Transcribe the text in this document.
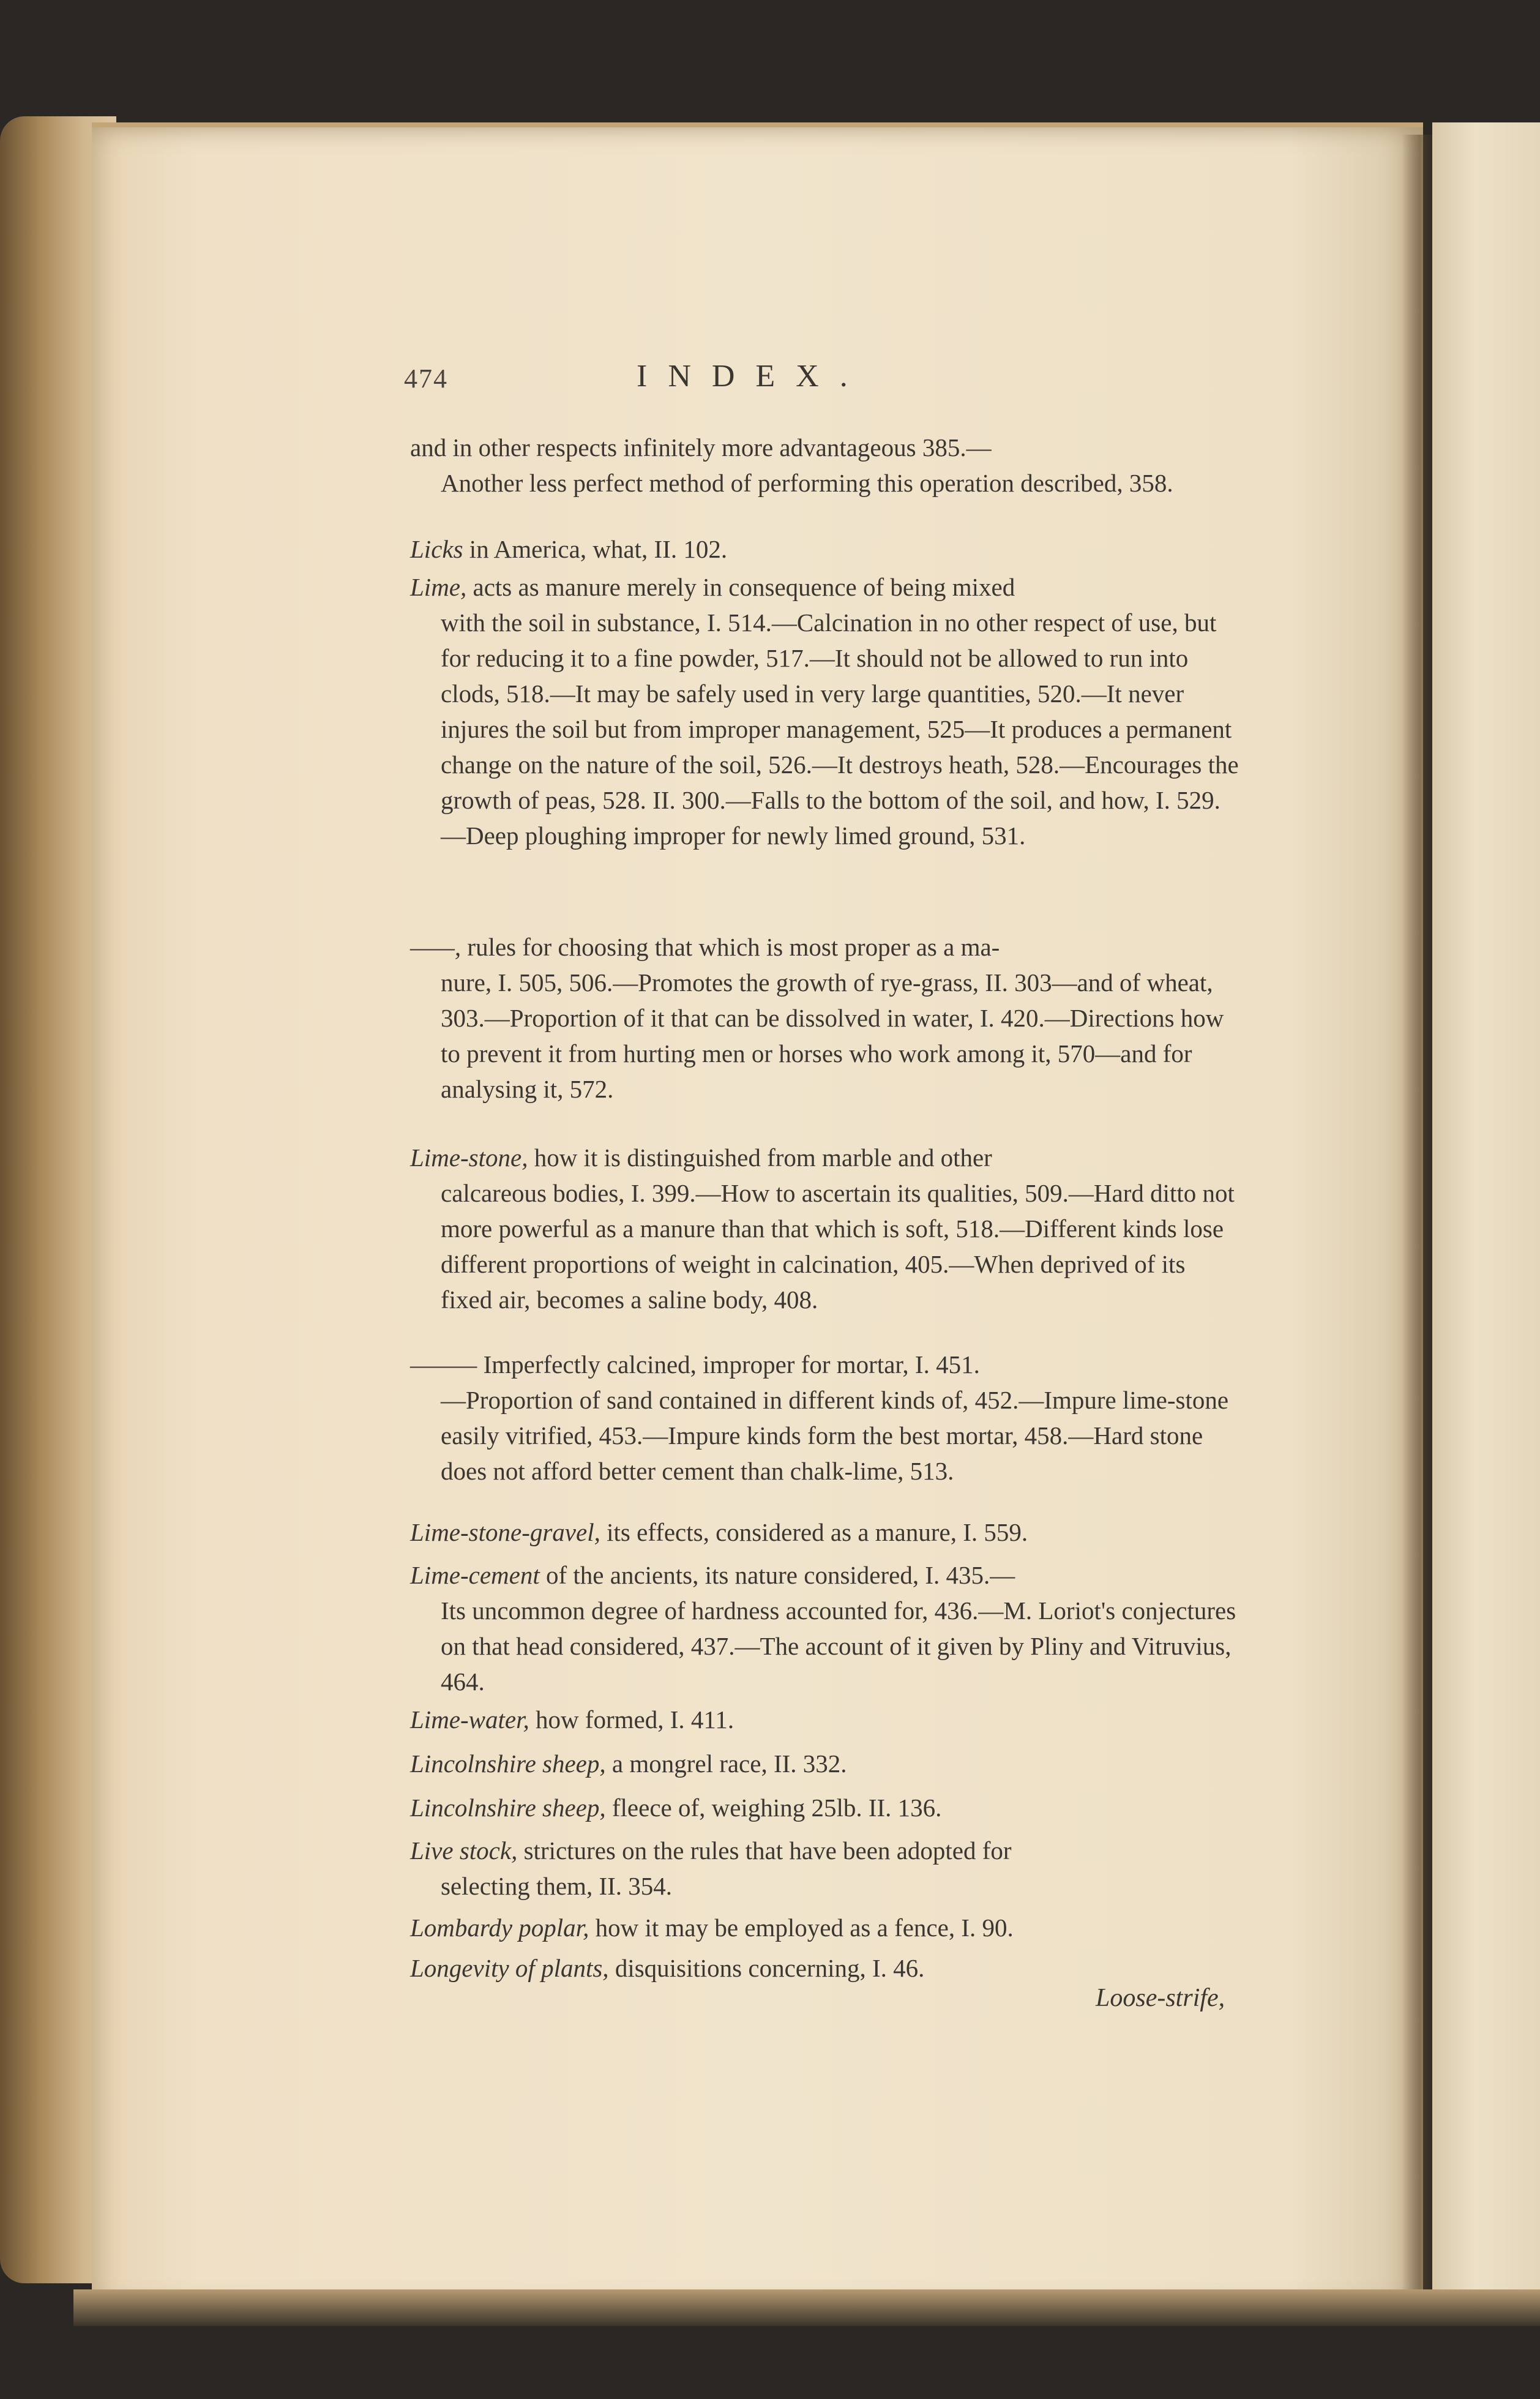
474	INDEX.
and in other respects infinitely more advantageous 385.—
Another less perfect method of performing this operation described, 358.
Licks in America, what, II. 102.
Lime, acts as manure merely in consequence of being mixed
with the soil in substance, I. 514.—Calcination in no other respect of use, but for reducing it to a fine powder, 517.—It should not be allowed to run into clods, 518.—It may be safely used in very large quantities, 520.—It never injures the soil but from improper management, 525—It produces a permanent change on the nature of the soil, 526.—It destroys heath, 528.—Encourages the growth of peas, 528. II. 300.—Falls to the bottom of the soil, and how, I. 529.—Deep ploughing improper for newly limed ground, 531.
——, rules for choosing that which is most proper as a ma-
nure, I. 505, 506.—Promotes the growth of rye-grass, II. 303—and of wheat, 303.—Proportion of it that can be dissolved in water, I. 420.—Directions how to prevent it from hurting men or horses who work among it, 570—and for analysing it, 572.
Lime-stone, how it is distinguished from marble and other
calcareous bodies, I. 399.—How to ascertain its qualities, 509.—Hard ditto not more powerful as a manure than that which is soft, 518.—Different kinds lose different proportions of weight in calcination, 405.—When deprived of its fixed air, becomes a saline body, 408.
——— Imperfectly calcined, improper for mortar, I. 451.
—Proportion of sand contained in different kinds of, 452.—Impure lime-stone easily vitrified, 453.—Impure kinds form the best mortar, 458.—Hard stone does not afford better cement than chalk-lime, 513.
Lime-stone-gravel, its effects, considered as a manure, I. 559.
Lime-cement of the ancients, its nature considered, I. 435.—
Its uncommon degree of hardness accounted for, 436.—M. Loriot's conjectures on that head considered, 437.—The account of it given by Pliny and Vitruvius, 464.
Lime-water, how formed, I. 411.
Lincolnshire sheep, a mongrel race, II. 332.
Lincolnshire sheep, fleece of, weighing 25lb. II. 136.
Live stock, strictures on the rules that have been adopted for
selecting them, II. 354.
Lombardy poplar, how it may be employed as a fence, I. 90.
Longevity of plants, disquisitions concerning, I. 46.
Loose-strife,
